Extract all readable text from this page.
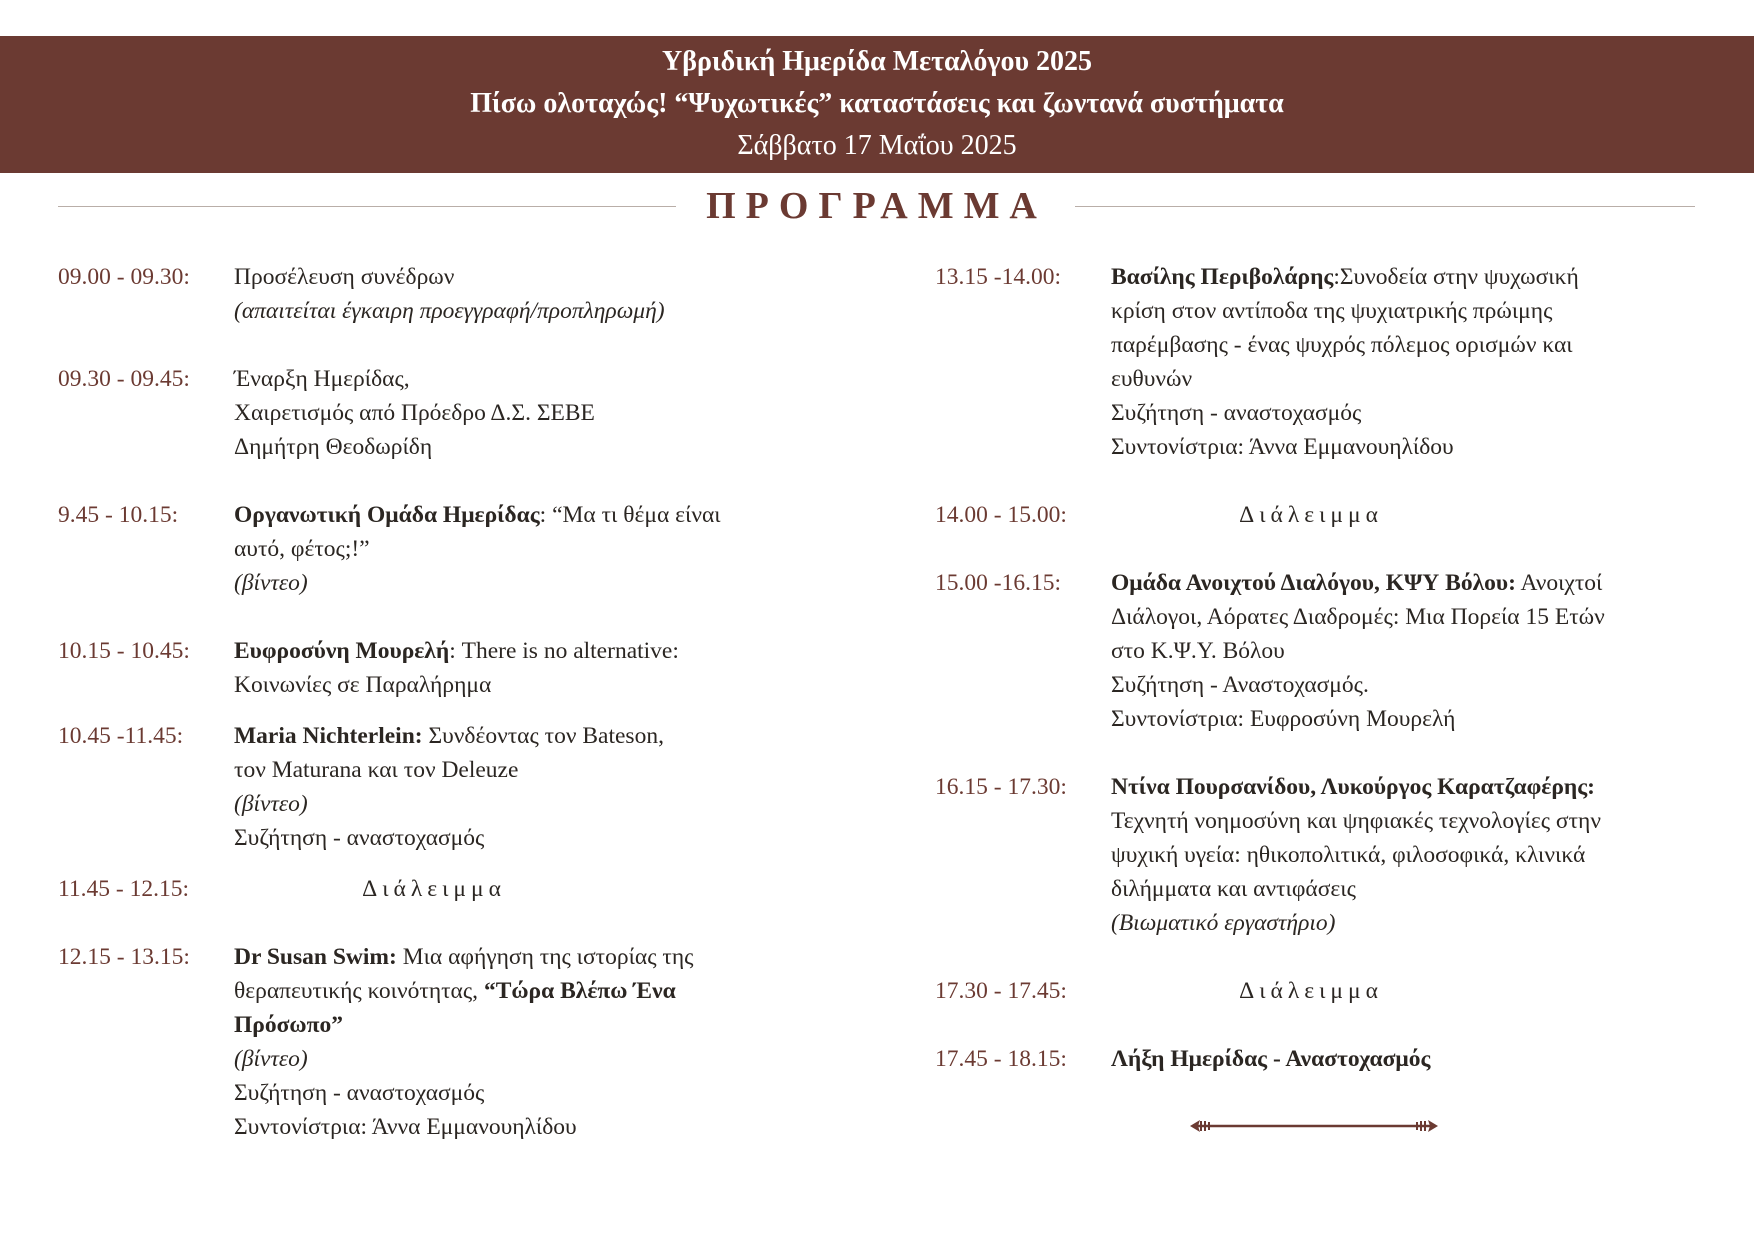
Υβριδική Ημερίδα Μεταλόγου 2025
Πίσω ολοταχώς! “Ψυχωτικές” καταστάσεις και ζωντανά συστήματα
Σάββατο 17 Μαΐου 2025
ΠΡΟΓΡΑΜΜΑ
09.00 - 09.30: Προσέλευση συνέδρων
(απαιτείται έγκαιρη προεγγραφή/προπληρωμή)
09.30 - 09.45: Έναρξη Ημερίδας,
Χαιρετισμός από Πρόεδρο Δ.Σ. ΣΕΒΕ
Δημήτρη Θεοδωρίδη
9.45 - 10.15: Οργανωτική Ομάδα Ημερίδας: “Μα τι θέμα είναι
αυτό, φέτος;!”
(βίντεο)
10.15 - 10.45: Ευφροσύνη Μουρελή: There is no alternative:
Κοινωνίες σε Παραλήρημα
10.45 -11.45: Maria Nichterlein: Συνδέοντας τον Bateson,
τον Maturana και τον Deleuze
(βίντεο)
Συζήτηση - αναστοχασμός
11.45 - 12.15:	Διάλειμμα
12.15 - 13.15: Dr Susan Swim: Μια αφήγηση της ιστορίας της
θεραπευτικής κοινότητας, “Τώρα Βλέπω Ένα
Πρόσωπο”
(βίντεο)
Συζήτηση - αναστοχασμός
Συντονίστρια: Άννα Εμμανουηλίδου
13.15 -14.00: Βασίλης Περιβολάρης:Συνοδεία στην ψυχωσική
κρίση στον αντίποδα της ψυχιατρικής πρώιμης
παρέμβασης - ένας ψυχρός πόλεμος ορισμών και
ευθυνών
Συζήτηση - αναστοχασμός
Συντονίστρια: Άννα Εμμανουηλίδου
14.00 - 15.00:	Διάλειμμα
15.00 -16.15: Ομάδα Ανοιχτού Διαλόγου, ΚΨΥ Βόλου: Ανοιχτοί
Διάλογοι, Αόρατες Διαδρομές: Μια Πορεία 15 Ετών
στο Κ.Ψ.Υ. Βόλου
Συζήτηση - Αναστοχασμός.
Συντονίστρια: Ευφροσύνη Μουρελή
16.15 - 17.30: Ντίνα Πουρσανίδου, Λυκούργος Καρατζαφέρης:
Τεχνητή νοημοσύνη και ψηφιακές τεχνολογίες στην
ψυχική υγεία: ηθικοπολιτικά, φιλοσοφικά, κλινικά
διλήμματα και αντιφάσεις
(Βιωματικό εργαστήριο)
17.30 - 17.45:	Διάλειμμα
17.45 - 18.15: Λήξη Ημερίδας - Αναστοχασμός
